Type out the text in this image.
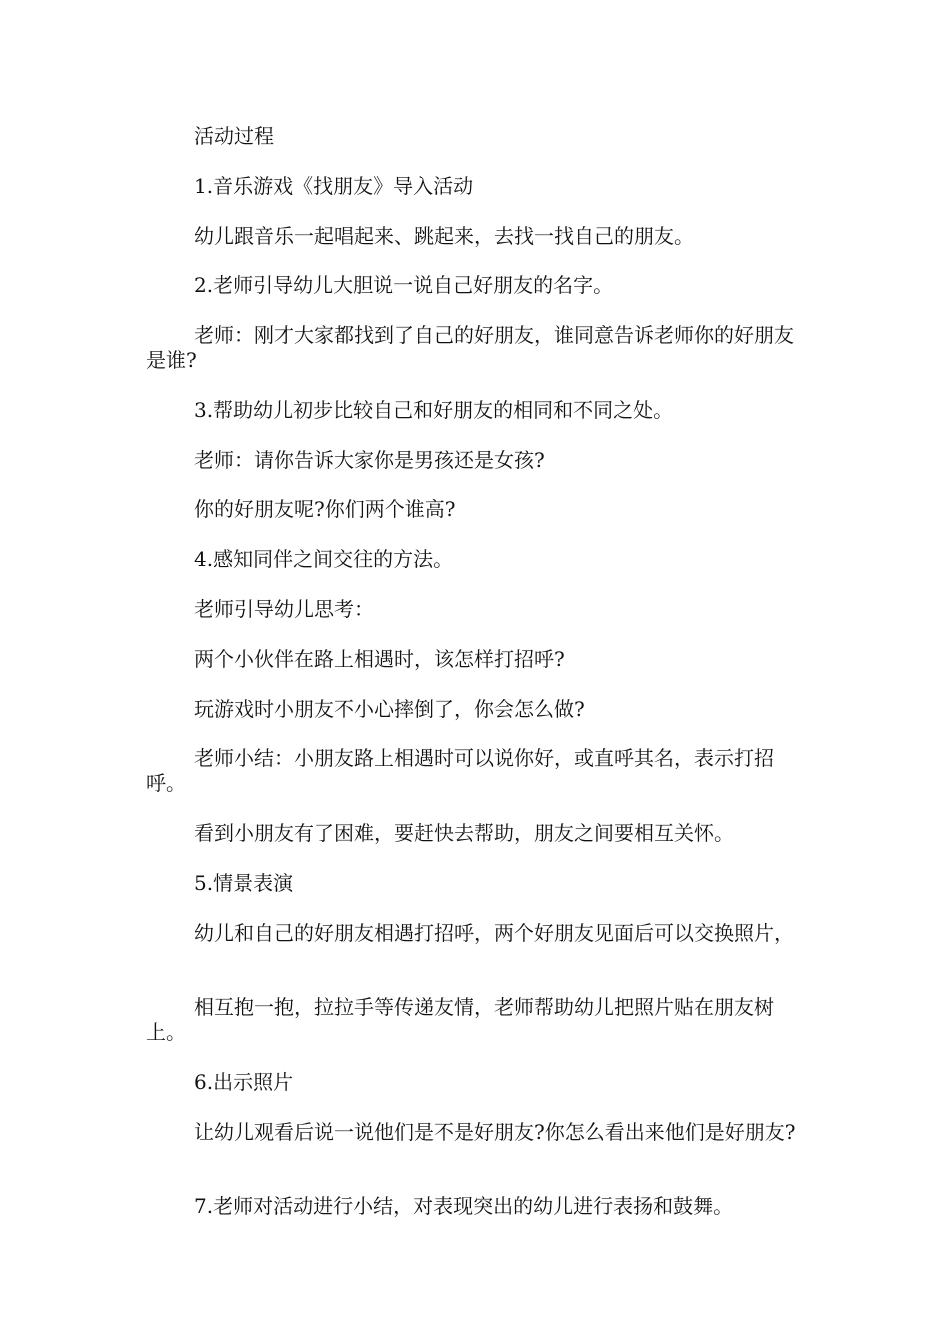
活动过程

1.音乐游戏《找朋友》导入活动

幼儿跟音乐一起唱起来、跳起来，去找一找自己的朋友。

2.老师引导幼儿大胆说一说自己好朋友的名字。

老师：刚才大家都找到了自己的好朋友，谁同意告诉老师你的好朋友是谁?

3.帮助幼儿初步比较自己和好朋友的相同和不同之处。

老师：请你告诉大家你是男孩还是女孩?

你的好朋友呢?你们两个谁高?

4.感知同伴之间交往的方法。

老师引导幼儿思考：

两个小伙伴在路上相遇时，该怎样打招呼?

玩游戏时小朋友不小心摔倒了，你会怎么做?

老师小结：小朋友路上相遇时可以说你好，或直呼其名，表示打招呼。

看到小朋友有了困难，要赶快去帮助，朋友之间要相互关怀。

5.情景表演

幼儿和自己的好朋友相遇打招呼，两个好朋友见面后可以交换照片，

相互抱一抱，拉拉手等传递友情，老师帮助幼儿把照片贴在朋友树上。

6.出示照片

让幼儿观看后说一说他们是不是好朋友?你怎么看出来他们是好朋友?

7.老师对活动进行小结，对表现突出的幼儿进行表扬和鼓舞。
